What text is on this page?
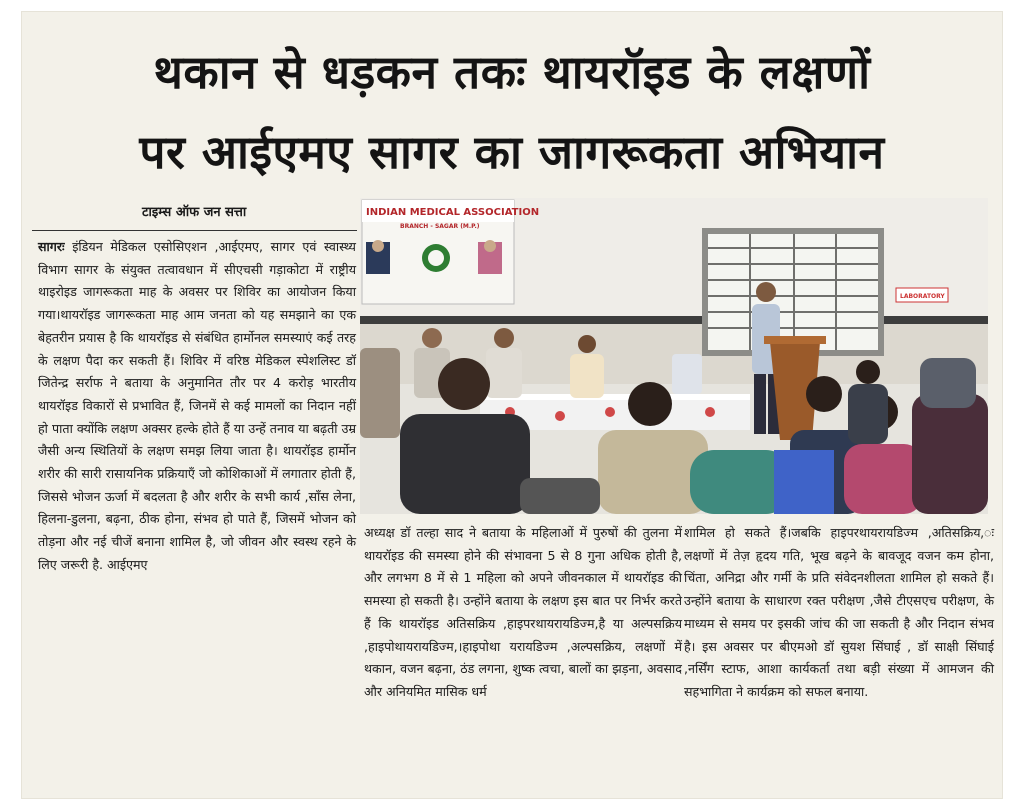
थकान से धड़कन तकः थायरॉइड के लक्षणों
पर आईएमए सागर का जागरूकता अभियान
टाइम्स ऑफ जन सत्ता

सागरः इंडियन मेडिकल एसोसिएशन ,आईएमए, सागर एवं स्वास्थ्य विभाग सागर के संयुक्त तत्वावधान में सीएचसी गड़ाकोटा में राष्ट्रीय थाइरोइड जागरूकता माह के अवसर पर शिविर का आयोजन किया गया।थायरॉइड जागरूकता माह आम जनता को यह समझाने का एक बेहतरीन प्रयास है कि थायरॉइड से संबंधित हार्मोनल समस्याएं कई तरह के लक्षण पैदा कर सकती हैं। शिविर में वरिष्ठ मेडिकल स्पेशलिस्ट डॉ जितेन्द्र सर्राफ ने बताया के अनुमानित तौर पर 4 करोड़ भारतीय थायरॉइड विकारों से प्रभावित हैं, जिनमें से कई मामलों का निदान नहीं हो पाता क्योंकि लक्षण अक्सर हल्के होते हैं या उन्हें तनाव या बढ़ती उम्र जैसी अन्य स्थितियों के लक्षण समझ लिया जाता है। थायरॉइड हार्मोन शरीर की सारी रासायनिक प्रक्रियाएँ जो कोशिकाओं में लगातार होती हैं, जिससे भोजन ऊर्जा में बदलता है और शरीर के सभी कार्य ,साँस लेना, हिलना-डुलना, बढ़ना, ठीक होना, संभव हो पाते हैं, जिसमें भोजन को तोड़ना और नई चीजें बनाना शामिल है, जो जीवन और स्वस्थ रहने के लिए जरूरी है. आईएमए

INDIAN MEDICAL ASSOCIATION
BRANCH - SAGAR (M.P.)
LABORATORY

अध्यक्ष डॉ तल्हा साद ने बताया के महिलाओं में पुरुषों की तुलना में थायरॉइड की समस्या होने की संभावना 5 से 8 गुना अधिक होती है, और लगभग 8 में से 1 महिला को अपने जीवनकाल में थायरॉइड की समस्या हो सकती है। उन्होंने बताया के लक्षण इस बात पर निर्भर करते हैं कि थायरॉइड अतिसक्रिय ,हाइपरथायरायडिज्म,है या अल्पसक्रिय ,हाइपोथायरायडिज्म,।हाइपोथा यरायडिज्म ,अल्पसक्रिय, लक्षणों में थकान, वजन बढ़ना, ठंड लगना, शुष्क त्वचा, बालों का झड़ना, अवसाद और अनियमित मासिक धर्म

शामिल हो सकते हैं।जबकि हाइपरथायरायडिज्म ,अतिसक्रिय,ः लक्षणों में तेज़ हृदय गति, भूख बढ़ने के बावजूद वजन कम होना, चिंता, अनिद्रा और गर्मी के प्रति संवेदनशीलता शामिल हो सकते हैं। उन्होंने बताया के साधारण रक्त परीक्षण ,जैसे टीएसएच परीक्षण, के माध्यम से समय पर इसकी जांच की जा सकती है और निदान संभव है। इस अवसर पर बीएमओ डॉ सुयश सिंघाई , डॉ साक्षी सिंघाई ,नर्सिंग स्टाफ, आशा कार्यकर्ता तथा बड़ी संख्या में आमजन की सहभागिता ने कार्यक्रम को सफल बनाया.
